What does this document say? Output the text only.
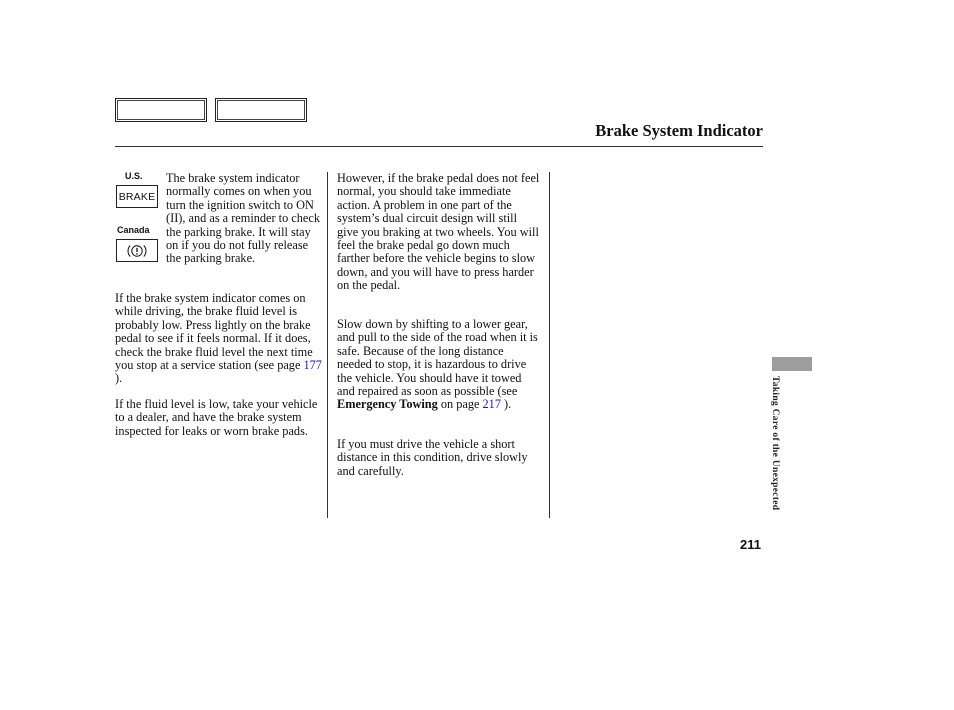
Brake System Indicator
U.S.
BRAKE
Canada

The brake system indicator normally comes on when you turn the ignition switch to ON (II), and as a reminder to check the parking brake. It will stay on if you do not fully release the parking brake.

If the brake system indicator comes on while driving, the brake fluid level is probably low. Press lightly on the brake pedal to see if it feels normal. If it does, check the brake fluid level the next time you stop at a service station (see page 177 ).

If the fluid level is low, take your vehicle to a dealer, and have the brake system inspected for leaks or worn brake pads.

However, if the brake pedal does not feel normal, you should take immediate action. A problem in one part of the system’s dual circuit design will still give you braking at two wheels. You will feel the brake pedal go down much farther before the vehicle begins to slow down, and you will have to press harder on the pedal.

Slow down by shifting to a lower gear, and pull to the side of the road when it is safe. Because of the long distance needed to stop, it is hazardous to drive the vehicle. You should have it towed and repaired as soon as possible (see Emergency Towing on page 217 ).

If you must drive the vehicle a short distance in this condition, drive slowly and carefully.	Taking Care of the Unexpected
211
